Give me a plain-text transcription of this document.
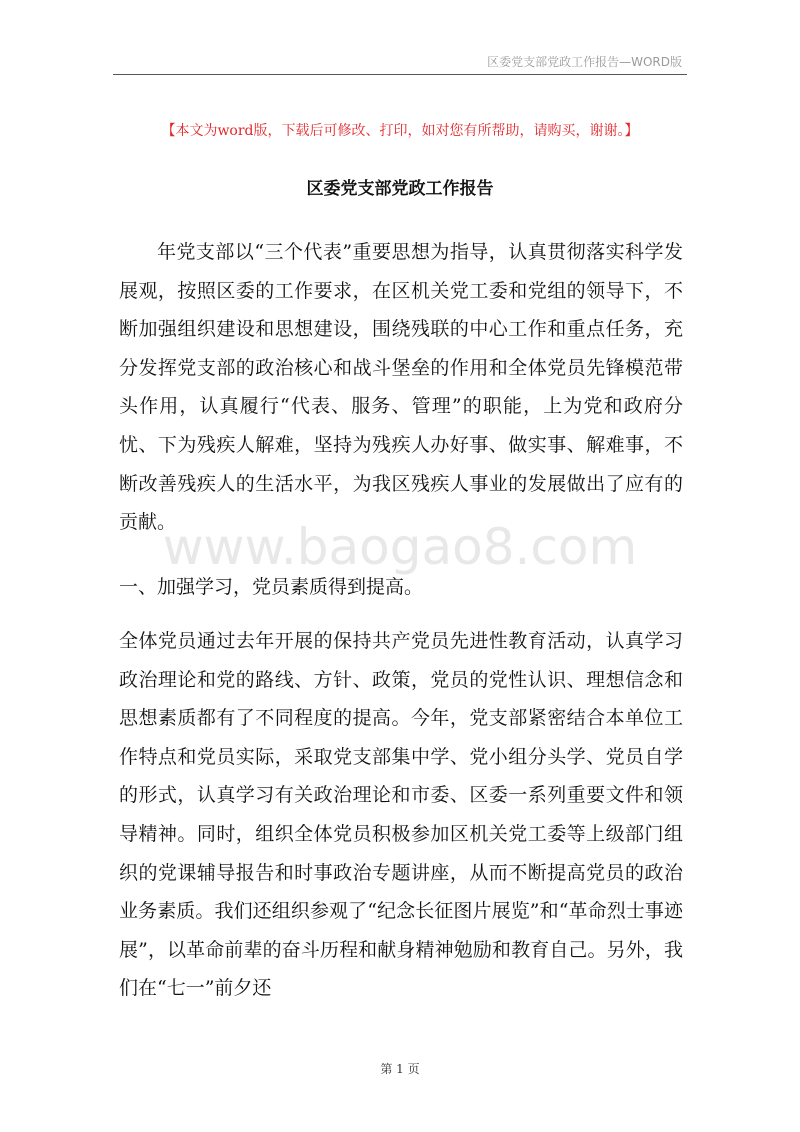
区委党支部党政工作报告—WORD版
【本文为word版，下载后可修改、打印，如对您有所帮助，请购买，谢谢。】
区委党支部党政工作报告

年党支部以“三个代表”重要思想为指导，认真贯彻落实科学发展观，按照区委的工作要求，在区机关党工委和党组的领导下，不断加强组织建设和思想建设，围绕残联的中心工作和重点任务，充分发挥党支部的政治核心和战斗堡垒的作用和全体党员先锋模范带头作用，认真履行“代表、服务、管理”的职能，上为党和政府分忧、下为残疾人解难，坚持为残疾人办好事、做实事、解难事，不断改善残疾人的生活水平，为我区残疾人事业的发展做出了应有的贡献。

www.baogao8.com

一、加强学习，党员素质得到提高。

全体党员通过去年开展的保持共产党员先进性教育活动，认真学习政治理论和党的路线、方针、政策，党员的党性认识、理想信念和思想素质都有了不同程度的提高。今年，党支部紧密结合本单位工作特点和党员实际，采取党支部集中学、党小组分头学、党员自学的形式，认真学习有关政治理论和市委、区委一系列重要文件和领导精神。同时，组织全体党员积极参加区机关党工委等上级部门组织的党课辅导报告和时事政治专题讲座，从而不断提高党员的政治业务素质。我们还组织参观了“纪念长征图片展览”和“革命烈士事迹展”，以革命前辈的奋斗历程和献身精神勉励和教育自己。另外，我们在“七一”前夕还

第 1 页
